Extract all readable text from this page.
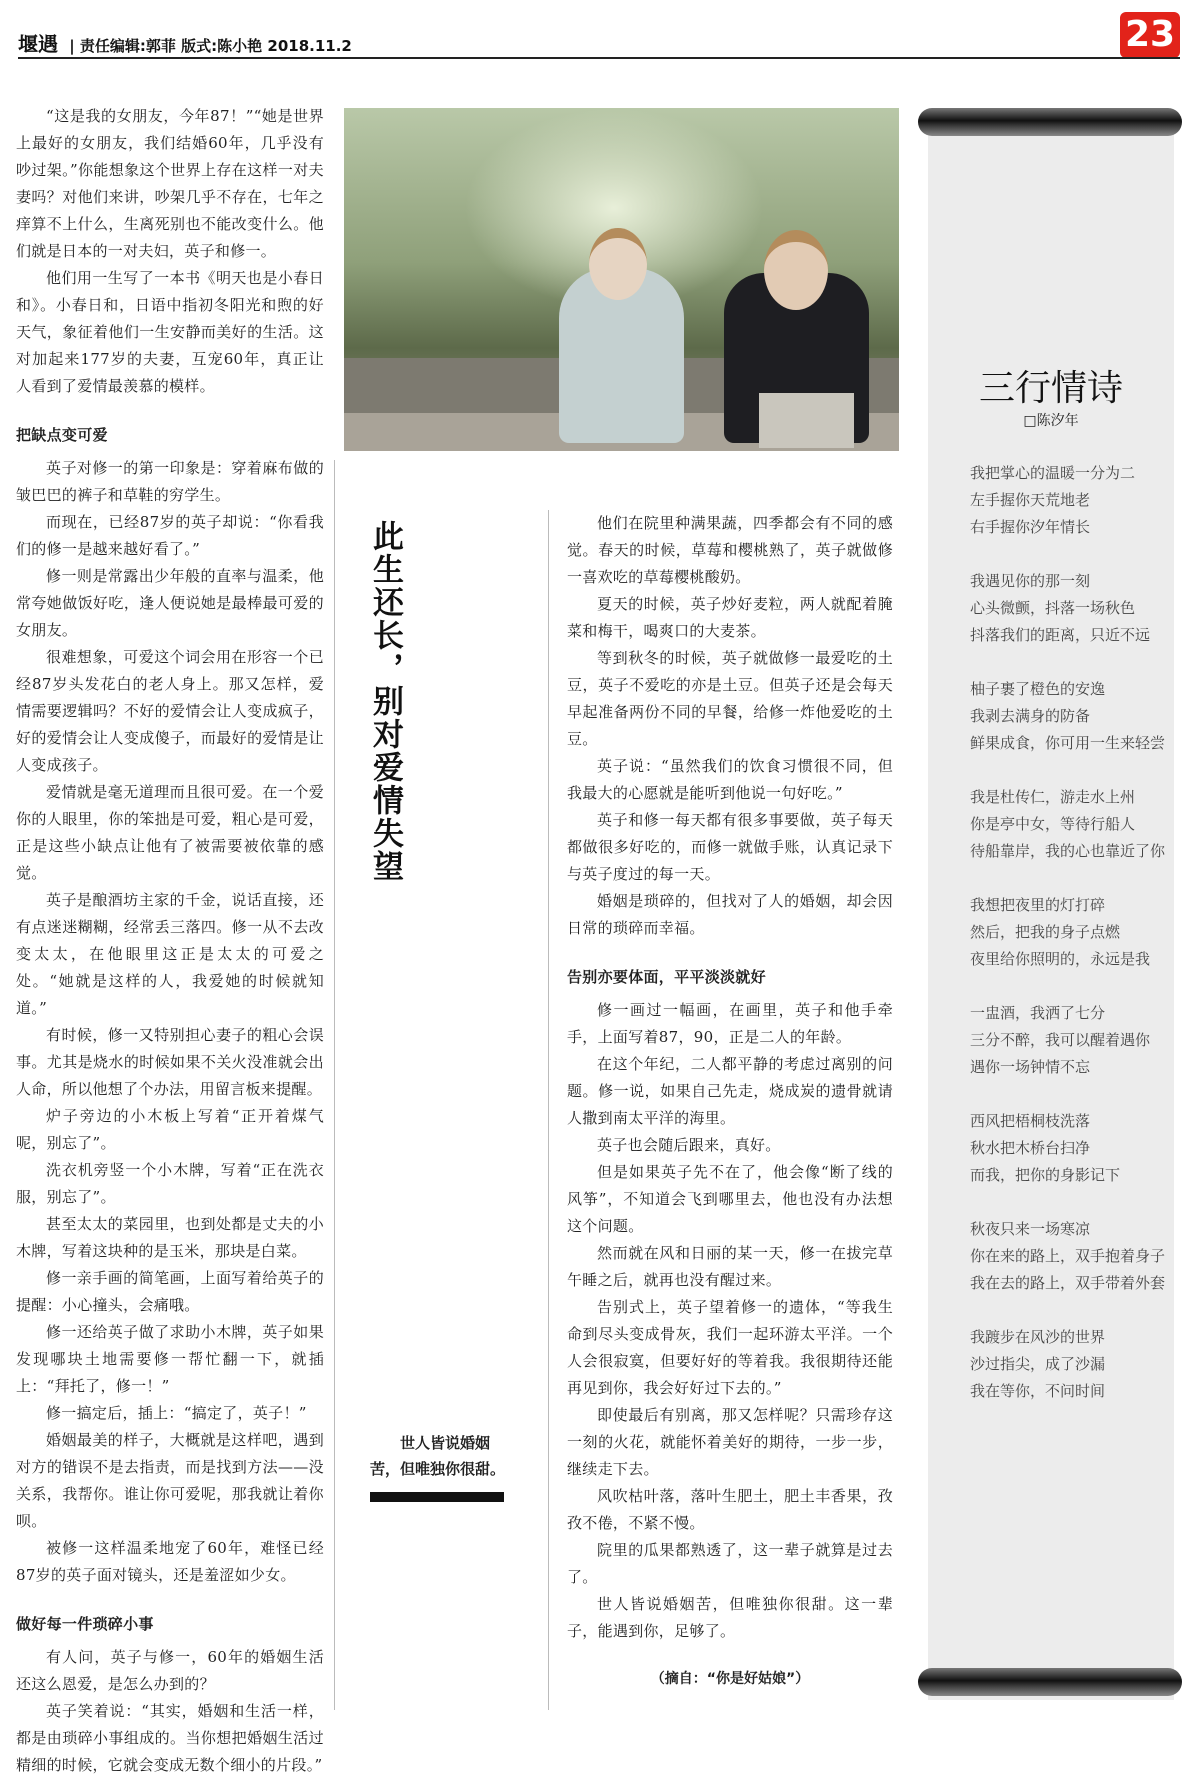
堰遇 | 责任编辑:郭菲 版式:陈小艳 2018.11.2	23

“这是我的女朋友，今年87！”“她是世界上最好的女朋友，我们结婚60年，几乎没有吵过架。”你能想象这个世界上存在这样一对夫妻吗？对他们来讲，吵架几乎不存在，七年之痒算不上什么，生离死别也不能改变什么。他们就是日本的一对夫妇，英子和修一。

他们用一生写了一本书《明天也是小春日和》。小春日和，日语中指初冬阳光和煦的好天气，象征着他们一生安静而美好的生活。这对加起来177岁的夫妻，互宠60年，真正让人看到了爱情最羡慕的模样。

把缺点变可爱

英子对修一的第一印象是：穿着麻布做的皱巴巴的裤子和草鞋的穷学生。

而现在，已经87岁的英子却说：“你看我们的修一是越来越好看了。”

修一则是常露出少年般的直率与温柔，他常夸她做饭好吃，逢人便说她是最棒最可爱的女朋友。

很难想象，可爱这个词会用在形容一个已经87岁头发花白的老人身上。那又怎样，爱情需要逻辑吗？不好的爱情会让人变成疯子，好的爱情会让人变成傻子，而最好的爱情是让人变成孩子。

爱情就是毫无道理而且很可爱。在一个爱你的人眼里，你的笨拙是可爱，粗心是可爱，正是这些小缺点让他有了被需要被依靠的感觉。

英子是酿酒坊主家的千金，说话直接，还有点迷迷糊糊，经常丢三落四。修一从不去改变太太，在他眼里这正是太太的可爱之处。“她就是这样的人，我爱她的时候就知道。”

有时候，修一又特别担心妻子的粗心会误事。尤其是烧水的时候如果不关火没准就会出人命，所以他想了个办法，用留言板来提醒。

炉子旁边的小木板上写着“正开着煤气呢，别忘了”。

洗衣机旁竖一个小木牌，写着“正在洗衣服，别忘了”。

甚至太太的菜园里，也到处都是丈夫的小木牌，写着这块种的是玉米，那块是白菜。

修一亲手画的简笔画，上面写着给英子的提醒：小心撞头，会痛哦。

修一还给英子做了求助小木牌，英子如果发现哪块土地需要修一帮忙翻一下，就插上：“拜托了，修一！”

修一搞定后，插上：“搞定了，英子！”

婚姻最美的样子，大概就是这样吧，遇到对方的错误不是去指责，而是找到方法——没关系，我帮你。谁让你可爱呢，那我就让着你呗。

被修一这样温柔地宠了60年，难怪已经87岁的英子面对镜头，还是羞涩如少女。

做好每一件琐碎小事

有人问，英子与修一，60年的婚姻生活还这么恩爱，是怎么办到的？

英子笑着说：“其实，婚姻和生活一样，都是由琐碎小事组成的。当你想把婚姻生活过精细的时候，它就会变成无数个细小的片段。”

此生还长，别对爱情失望
世人皆说婚姻苦，但唯独你很甜。

他们在院里种满果蔬，四季都会有不同的感觉。春天的时候，草莓和樱桃熟了，英子就做修一喜欢吃的草莓樱桃酸奶。

夏天的时候，英子炒好麦粒，两人就配着腌菜和梅干，喝爽口的大麦茶。

等到秋冬的时候，英子就做修一最爱吃的土豆，英子不爱吃的亦是土豆。但英子还是会每天早起准备两份不同的早餐，给修一炸他爱吃的土豆。

英子说：“虽然我们的饮食习惯很不同，但我最大的心愿就是能听到他说一句好吃。”

英子和修一每天都有很多事要做，英子每天都做很多好吃的，而修一就做手账，认真记录下与英子度过的每一天。

婚姻是琐碎的，但找对了人的婚姻，却会因日常的琐碎而幸福。

告别亦要体面，平平淡淡就好

修一画过一幅画，在画里，英子和他手牵手，上面写着87，90，正是二人的年龄。

在这个年纪，二人都平静的考虑过离别的问题。修一说，如果自己先走，烧成炭的遗骨就请人撒到南太平洋的海里。

英子也会随后跟来，真好。

但是如果英子先不在了，他会像“断了线的风筝”，不知道会飞到哪里去，他也没有办法想这个问题。

然而就在风和日丽的某一天，修一在拔完草午睡之后，就再也没有醒过来。

告别式上，英子望着修一的遗体，“等我生命到尽头变成骨灰，我们一起环游太平洋。一个人会很寂寞，但要好好的等着我。我很期待还能再见到你，我会好好过下去的。”

即使最后有别离，那又怎样呢？只需珍存这一刻的火花，就能怀着美好的期待，一步一步，继续走下去。

风吹枯叶落，落叶生肥土，肥土丰香果，孜孜不倦，不紧不慢。

院里的瓜果都熟透了，这一辈子就算是过去了。

世人皆说婚姻苦，但唯独你很甜。这一辈子，能遇到你，足够了。

（摘自：“你是好姑娘”）
三行情诗
□陈汐年
我把掌心的温暖一分为二
左手握你天荒地老
右手握你汐年情长
我遇见你的那一刻
心头微颤，抖落一场秋色
抖落我们的距离，只近不远
柚子裹了橙色的安逸
我剥去满身的防备
鲜果成食，你可用一生来轻尝
我是杜传仁，游走水上州
你是亭中女，等待行船人
待船靠岸，我的心也靠近了你
我想把夜里的灯打碎
然后，把我的身子点燃
夜里给你照明的，永远是我
一盅酒，我洒了七分
三分不醉，我可以醒着遇你
遇你一场钟情不忘
西风把梧桐枝洗落
秋水把木桥台扫净
而我，把你的身影记下
秋夜只来一场寒凉
你在来的路上，双手抱着身子
我在去的路上，双手带着外套
我踱步在风沙的世界
沙过指尖，成了沙漏
我在等你，不问时间
